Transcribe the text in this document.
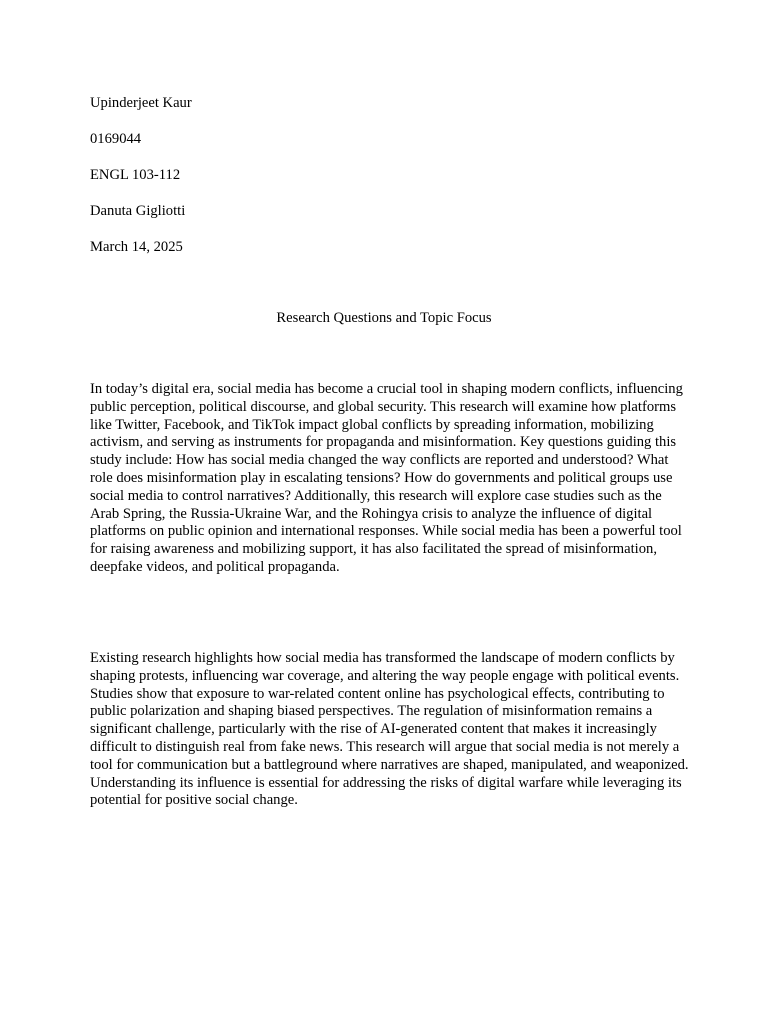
Upinderjeet Kaur
0169044
ENGL 103-112
Danuta Gigliotti
March 14, 2025
Research Questions and Topic Focus
In today’s digital era, social media has become a crucial tool in shaping modern conflicts, influencing public perception, political discourse, and global security. This research will examine how platforms like Twitter, Facebook, and TikTok impact global conflicts by spreading information, mobilizing activism, and serving as instruments for propaganda and misinformation. Key questions guiding this study include: How has social media changed the way conflicts are reported and understood? What role does misinformation play in escalating tensions? How do governments and political groups use social media to control narratives? Additionally, this research will explore case studies such as the Arab Spring, the Russia-Ukraine War, and the Rohingya crisis to analyze the influence of digital platforms on public opinion and international responses. While social media has been a powerful tool for raising awareness and mobilizing support, it has also facilitated the spread of misinformation, deepfake videos, and political propaganda.
Existing research highlights how social media has transformed the landscape of modern conflicts by shaping protests, influencing war coverage, and altering the way people engage with political events. Studies show that exposure to war-related content online has psychological effects, contributing to public polarization and shaping biased perspectives. The regulation of misinformation remains a significant challenge, particularly with the rise of AI-generated content that makes it increasingly difficult to distinguish real from fake news. This research will argue that social media is not merely a tool for communication but a battleground where narratives are shaped, manipulated, and weaponized. Understanding its influence is essential for addressing the risks of digital warfare while leveraging its potential for positive social change.
